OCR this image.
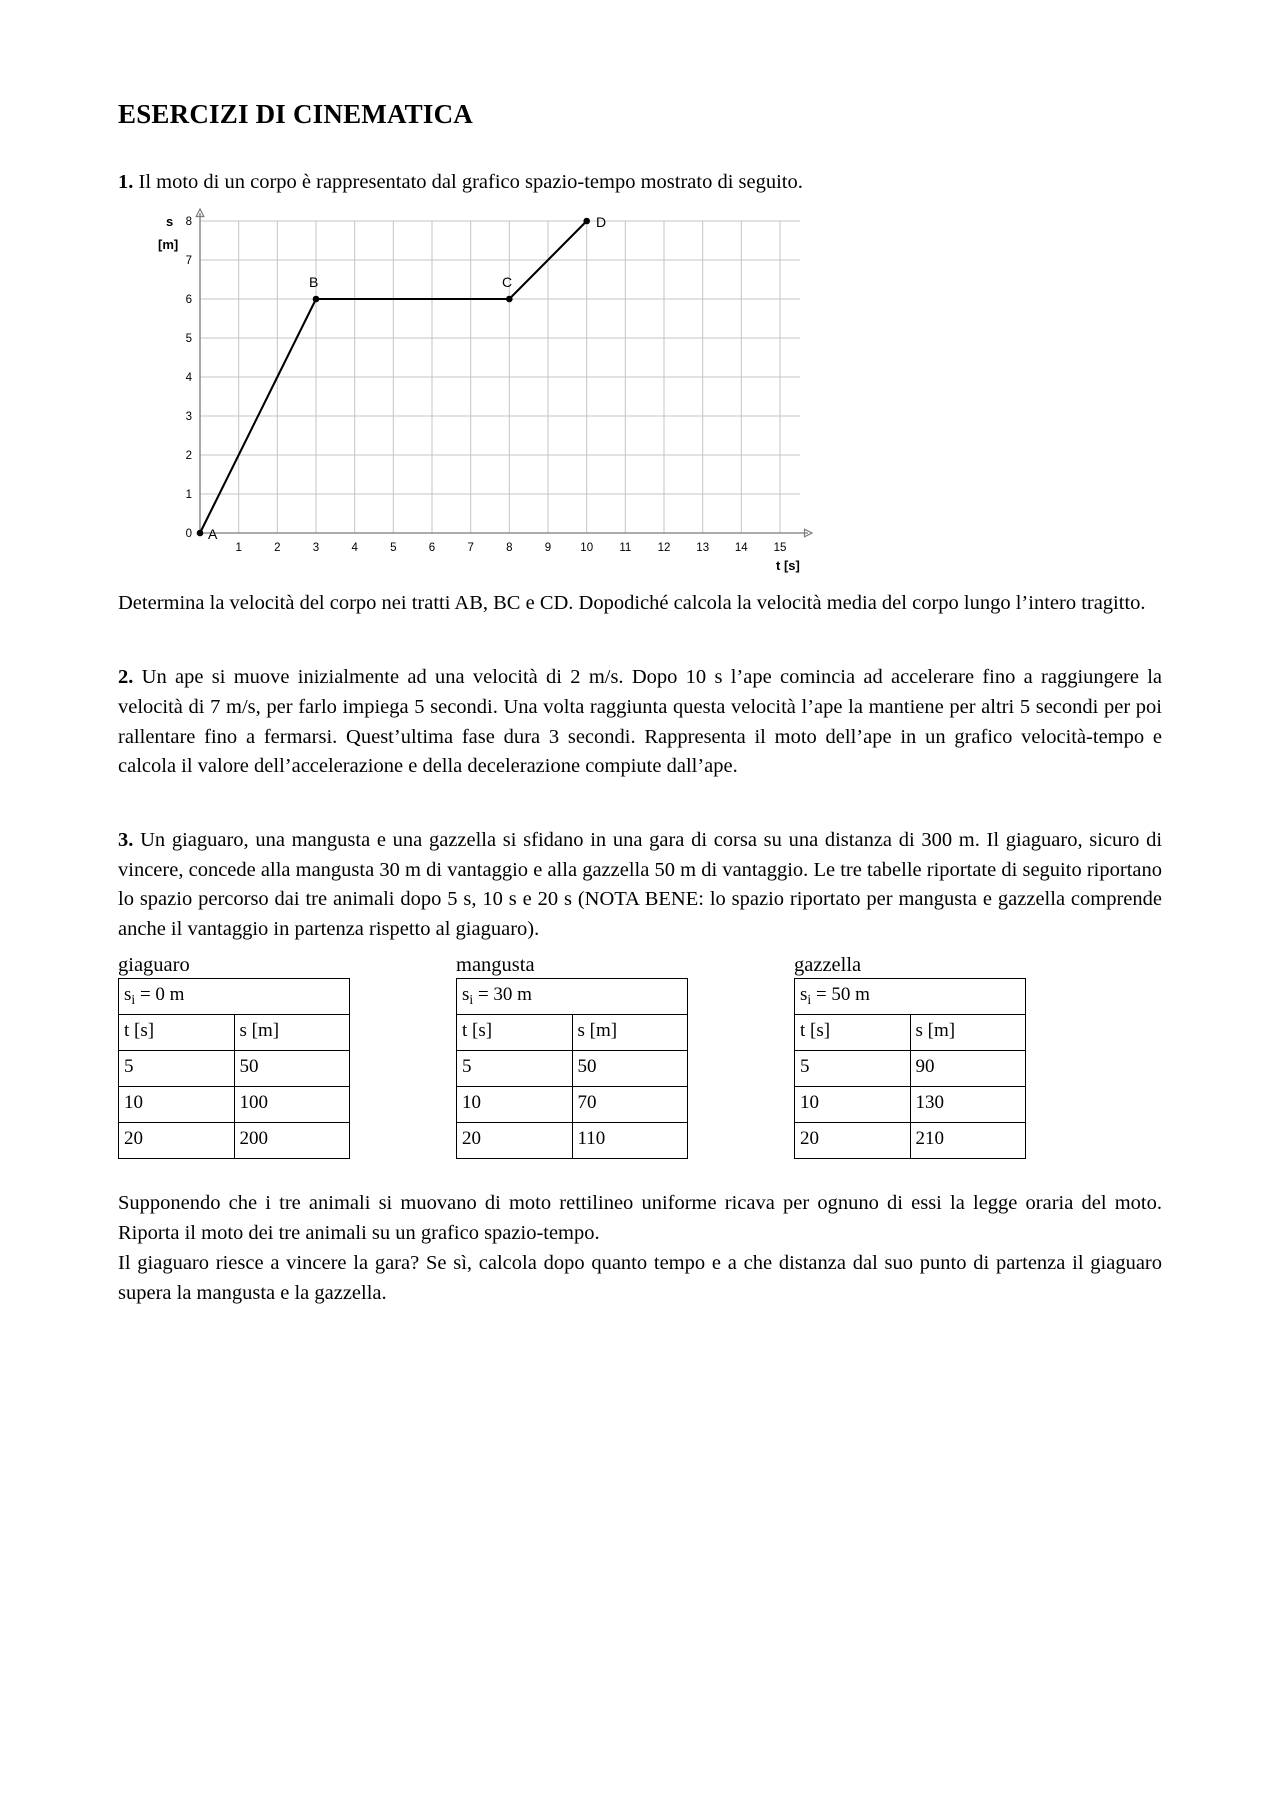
ESERCIZI DI CINEMATICA

1. Il moto di un corpo è rappresentato dal grafico spazio-tempo mostrato di seguito.

8
7
6
5
4
3
2
1
0
1	2	3	4	5	6	7	8	9	10 11 12 13 14 15
s
[m]
t [s]
A
B	C
D

Determina la velocità del corpo nei tratti AB, BC e CD. Dopodiché calcola la velocità media del corpo lungo l’intero tragitto.

2. Un ape si muove inizialmente ad una velocità di 2 m/s. Dopo 10 s l’ape comincia ad accelerare fino a raggiungere la velocità di 7 m/s, per farlo impiega 5 secondi. Una volta raggiunta questa velocità l’ape la mantiene per altri 5 secondi per poi rallentare fino a fermarsi. Quest’ultima fase dura 3 secondi. Rappresenta il moto dell’ape in un grafico velocità-tempo e calcola il valore dell’accelerazione e della decelerazione compiute dall’ape.

3. Un giaguaro, una mangusta e una gazzella si sfidano in una gara di corsa su una distanza di 300 m. Il giaguaro, sicuro di vincere, concede alla mangusta 30 m di vantaggio e alla gazzella 50 m di vantaggio. Le tre tabelle riportate di seguito riportano lo spazio percorso dai tre animali dopo 5 s, 10 s e 20 s (NOTA BENE: lo spazio riportato per mangusta e gazzella comprende anche il vantaggio in partenza rispetto al giaguaro).

giaguaro
$s_i = 0$ m	
t [s]	s [m]
5	50
10	100
20	200
mangusta
$s_i = 30$ m	
t [s]	s [m]
5	50
10	70
20	110
gazzella
$s_i = 50$ m	
t [s]	s [m]
5	90
10	130
20	210

Supponendo che i tre animali si muovano di moto rettilineo uniforme ricava per ognuno di essi la legge oraria del moto. Riporta il moto dei tre animali su un grafico spazio-tempo.

Il giaguaro riesce a vincere la gara? Se sì, calcola dopo quanto tempo e a che distanza dal suo punto di partenza il giaguaro supera la mangusta e la gazzella.
